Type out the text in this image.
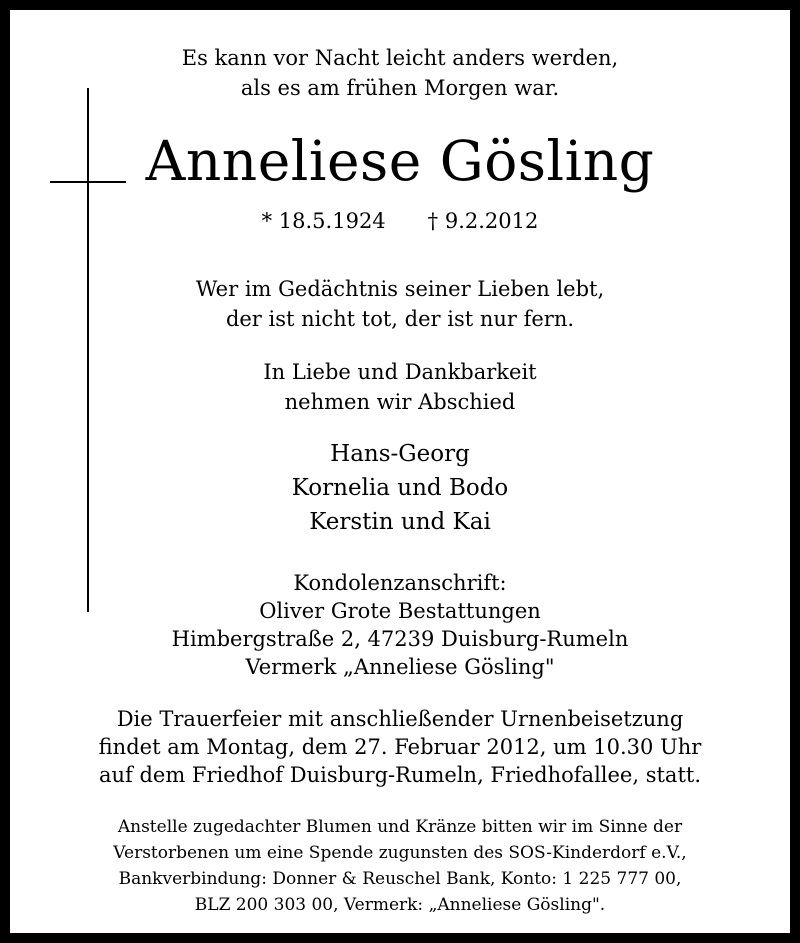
Es kann vor Nacht leicht anders werden,
als es am frühen Morgen war.
Anneliese Gösling
* 18.5.1924 † 9.2.2012
Wer im Gedächtnis seiner Lieben lebt,
der ist nicht tot, der ist nur fern.
In Liebe und Dankbarkeit
nehmen wir Abschied
Hans-Georg
Kornelia und Bodo
Kerstin und Kai
Kondolenzanschrift:
Oliver Grote Bestattungen
Himbergstraße 2, 47239 Duisburg-Rumeln
Vermerk „Anneliese Gösling"
Die Trauerfeier mit anschließender Urnenbeisetzung
findet am Montag, dem 27. Februar 2012, um 10.30 Uhr
auf dem Friedhof Duisburg-Rumeln, Friedhofallee, statt.
Anstelle zugedachter Blumen und Kränze bitten wir im Sinne der
Verstorbenen um eine Spende zugunsten des SOS-Kinderdorf e.V.,
Bankverbindung: Donner & Reuschel Bank, Konto: 1 225 777 00,
BLZ 200 303 00, Vermerk: „Anneliese Gösling".
